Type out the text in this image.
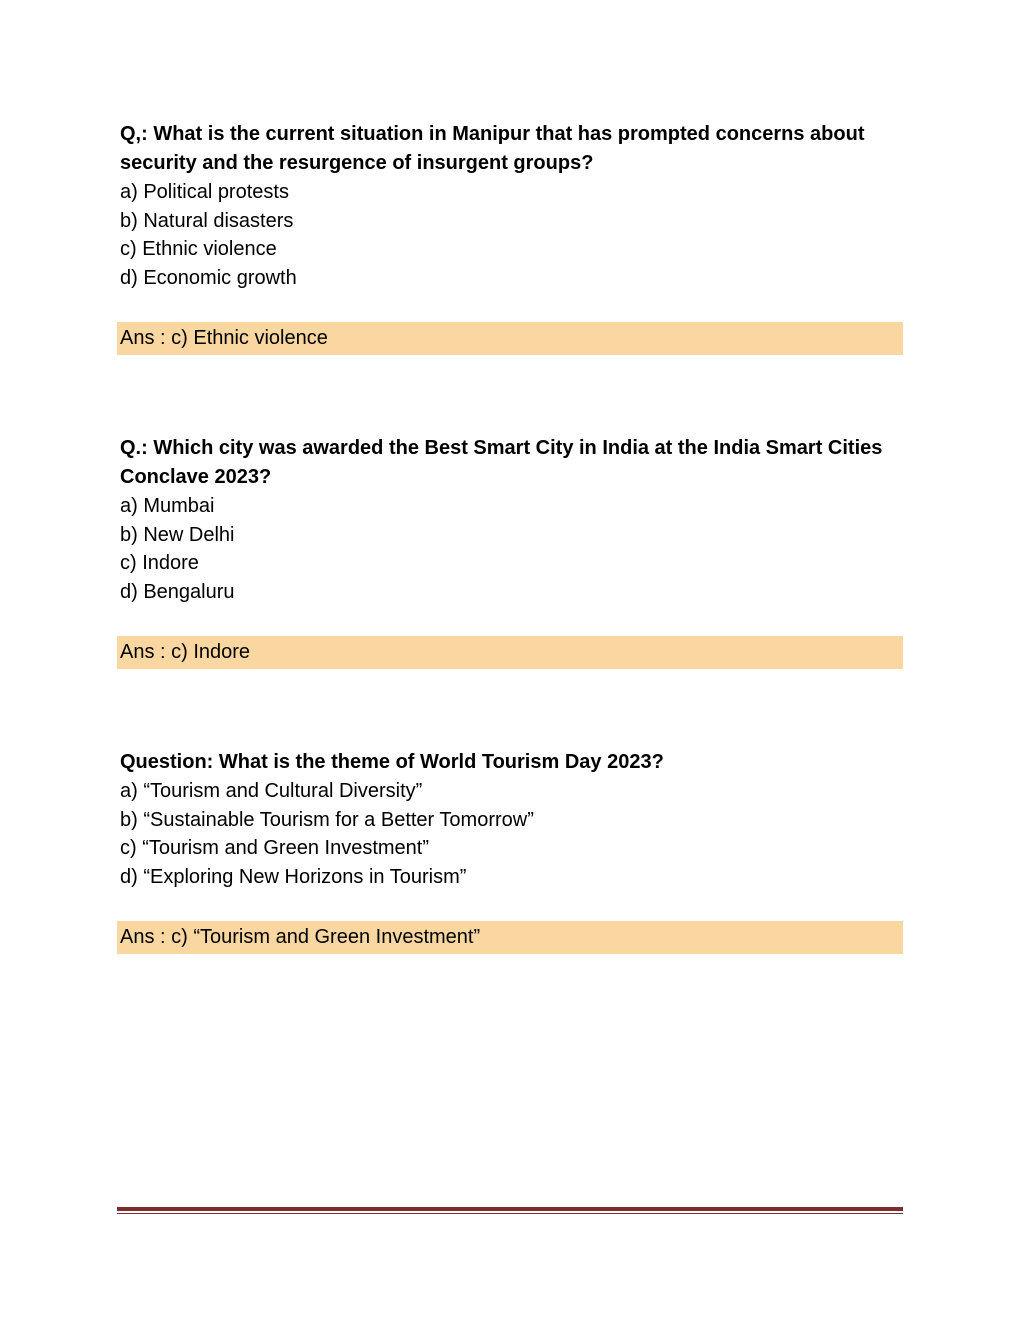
Q,: What is the current situation in Manipur that has prompted concerns about security and the resurgence of insurgent groups?

a) Political protests
b) Natural disasters
c) Ethnic violence
d) Economic growth
Ans : c) Ethnic violence

Q.: Which city was awarded the Best Smart City in India at the India Smart Cities Conclave 2023?

a) Mumbai
b) New Delhi
c) Indore
d) Bengaluru
Ans : c) Indore

Question: What is the theme of World Tourism Day 2023?

a) “Tourism and Cultural Diversity”
b) “Sustainable Tourism for a Better Tomorrow”
c) “Tourism and Green Investment”
d) “Exploring New Horizons in Tourism”
Ans : c) “Tourism and Green Investment”
